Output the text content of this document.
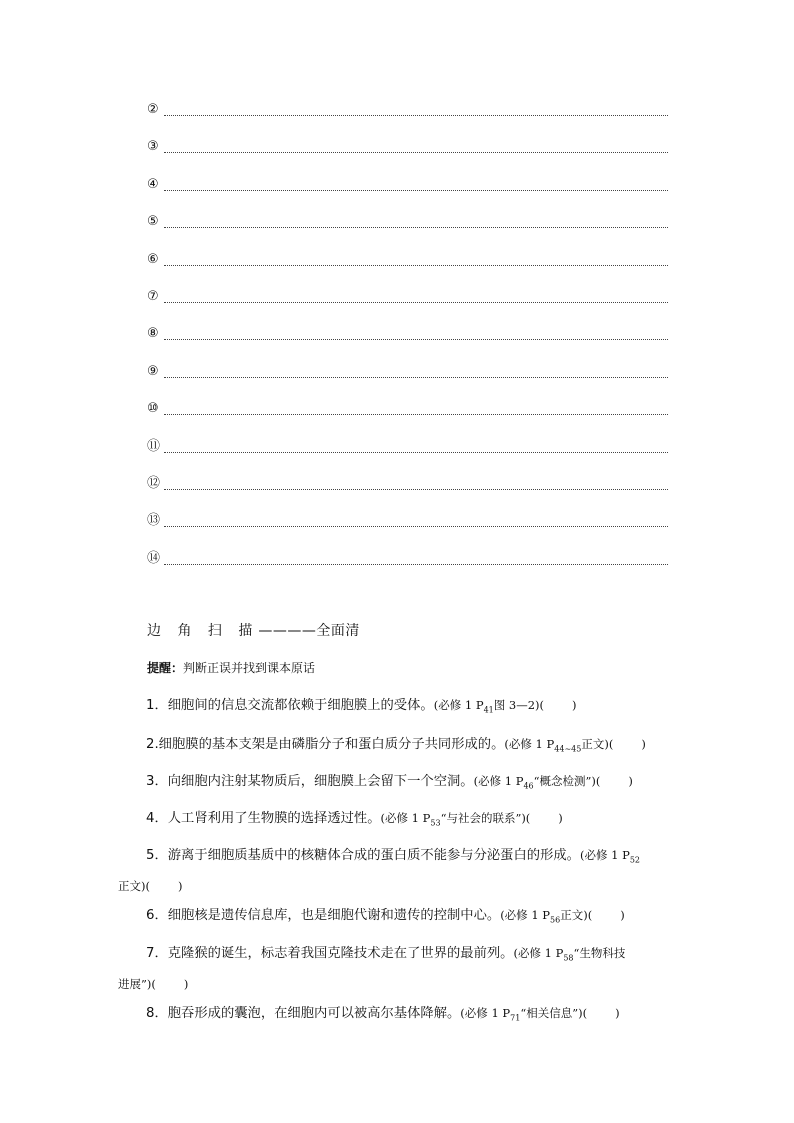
②
③
④
⑤
⑥
⑦
⑧
⑨
⑩
⑪
⑫
⑬
⑭
边 角 扫 描————全面清
提醒：判断正误并找到课本原话
1．细胞间的信息交流都依赖于细胞膜上的受体。(必修 1 $P_{41}$图 3—2)( )
2.细胞膜的基本支架是由磷脂分子和蛋白质分子共同形成的。(必修 1 $P_{44\sim 45}$正文)( )
3．向细胞内注射某物质后，细胞膜上会留下一个空洞。(必修 1 $P_{46}“$概念检测”)( )
4．人工肾利用了生物膜的选择透过性。(必修 1 $P_{53}“$与社会的联系”)( )
5．游离于细胞质基质中的核糖体合成的蛋白质不能参与分泌蛋白的形成。(必修 1 $P_{52}$
正文)( )
6．细胞核是遗传信息库，也是细胞代谢和遗传的控制中心。(必修 1 $P_{56}$正文)( )
7．克隆猴的诞生，标志着我国克隆技术走在了世界的最前列。(必修 1 $P_{58}“$生物科技
进展”)( )
8．胞吞形成的囊泡，在细胞内可以被高尔基体降解。(必修 1 $P_{71}“$相关信息”)( )
